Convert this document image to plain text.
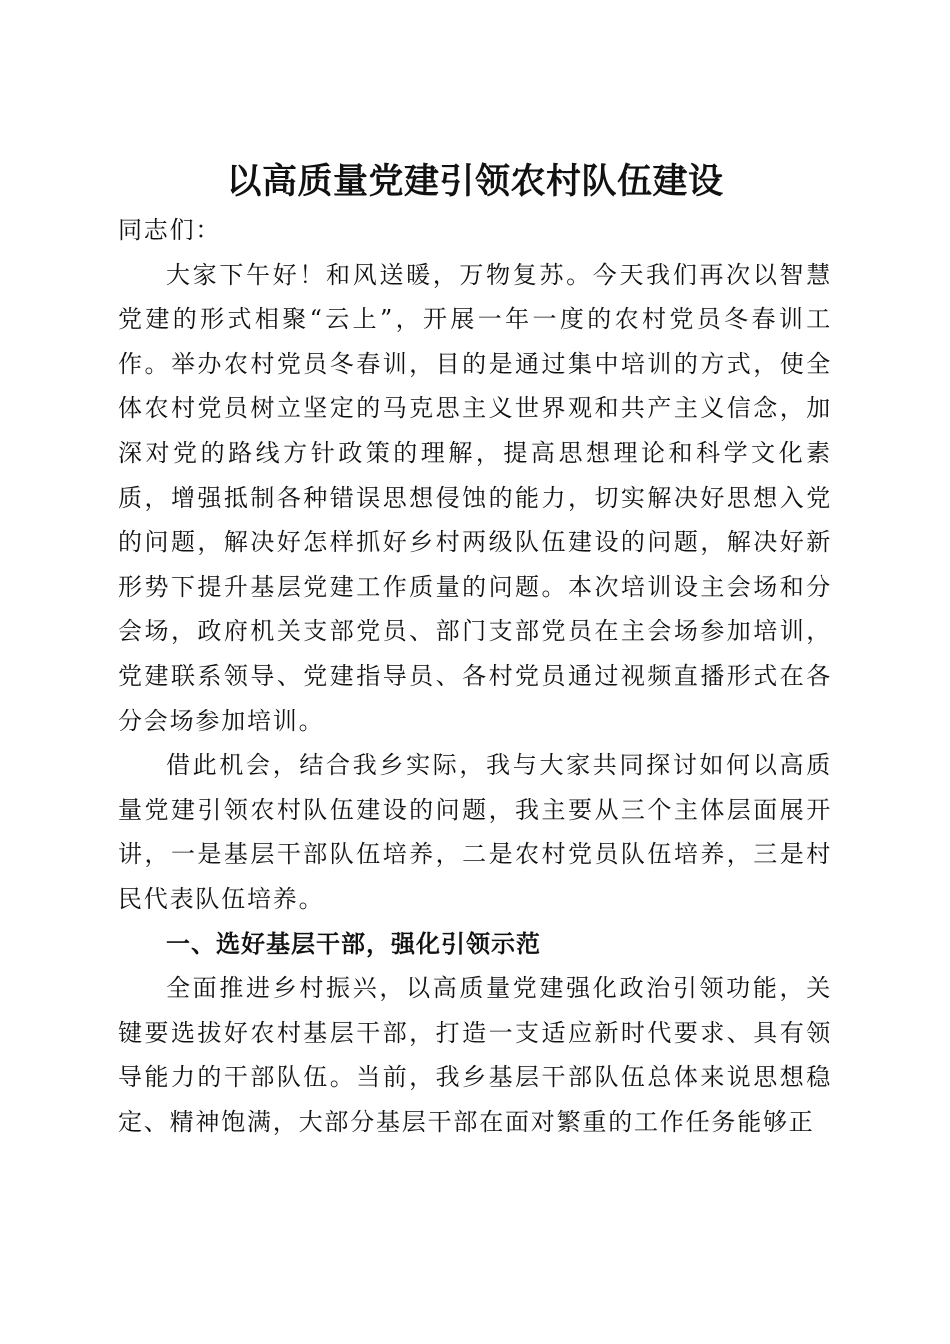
以高质量党建引领农村队伍建设

同志们：

大家下午好！和风送暖，万物复苏。今天我们再次以智慧党建的形式相聚“云上”，开展一年一度的农村党员冬春训工作。举办农村党员冬春训，目的是通过集中培训的方式，使全体农村党员树立坚定的马克思主义世界观和共产主义信念，加深对党的路线方针政策的理解，提高思想理论和科学文化素质，增强抵制各种错误思想侵蚀的能力，切实解决好思想入党的问题，解决好怎样抓好乡村两级队伍建设的问题，解决好新形势下提升基层党建工作质量的问题。本次培训设主会场和分会场，政府机关支部党员、部门支部党员在主会场参加培训，党建联系领导、党建指导员、各村党员通过视频直播形式在各分会场参加培训。

借此机会，结合我乡实际，我与大家共同探讨如何以高质量党建引领农村队伍建设的问题，我主要从三个主体层面展开讲，一是基层干部队伍培养，二是农村党员队伍培养，三是村民代表队伍培养。

一、选好基层干部，强化引领示范

全面推进乡村振兴，以高质量党建强化政治引领功能，关键要选拔好农村基层干部，打造一支适应新时代要求、具有领导能力的干部队伍。当前，我乡基层干部队伍总体来说思想稳定、精神饱满，大部分基层干部在面对繁重的工作任务能够正
